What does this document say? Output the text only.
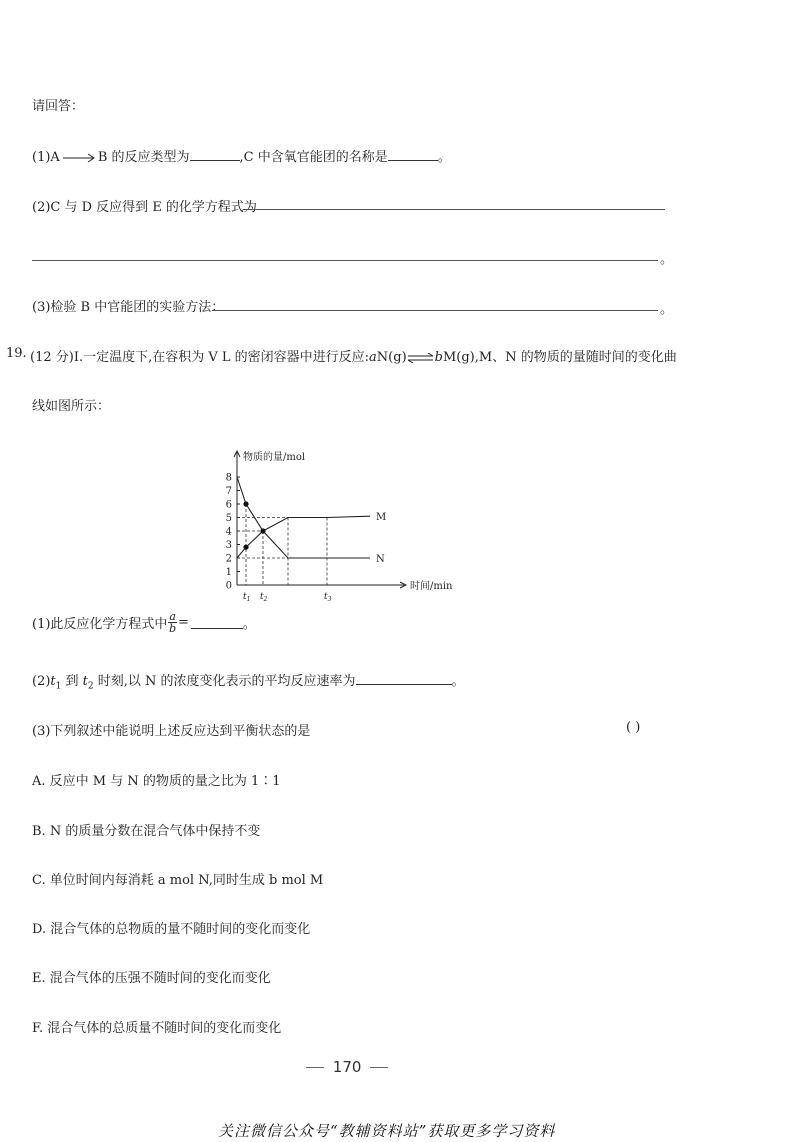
请回答：
(1)A→B 的反应类型为	,C 中含氧官能团的名称是	。
(2)C 与 D 反应得到 E 的化学方程式为
。
(3)检验 B 中官能团的实验方法：	。
19. (12 分)Ⅰ.一定温度下,在容积为 V L 的密闭容器中进行反应:aN(g)⇌bM(g),M、N 的物质的量随时间的变化曲
线如图所示：
物质的量/mol
时间/min
0
1
2
3
4
5
6
7
8
$t_1$ $t_2$	$t_3$
M
N
(1)此反应化学方程式中 $\frac{a}{b}$ =	。
$(2)t_1$ 到 $t_2$ 时刻,以 N 的浓度变化表示的平均反应速率为	。
(3)下列叙述中能说明上述反应达到平衡状态的是	( )
A. 反应中 M 与 N 的物质的量之比为 1∶1
B. N 的质量分数在混合气体中保持不变
C. 单位时间内每消耗 a mol N,同时生成 b mol M
D. 混合气体的总物质的量不随时间的变化而变化
E. 混合气体的压强不随时间的变化而变化
F. 混合气体的总质量不随时间的变化而变化
170
关注微信公众号“教辅资料站”获取更多学习资料
